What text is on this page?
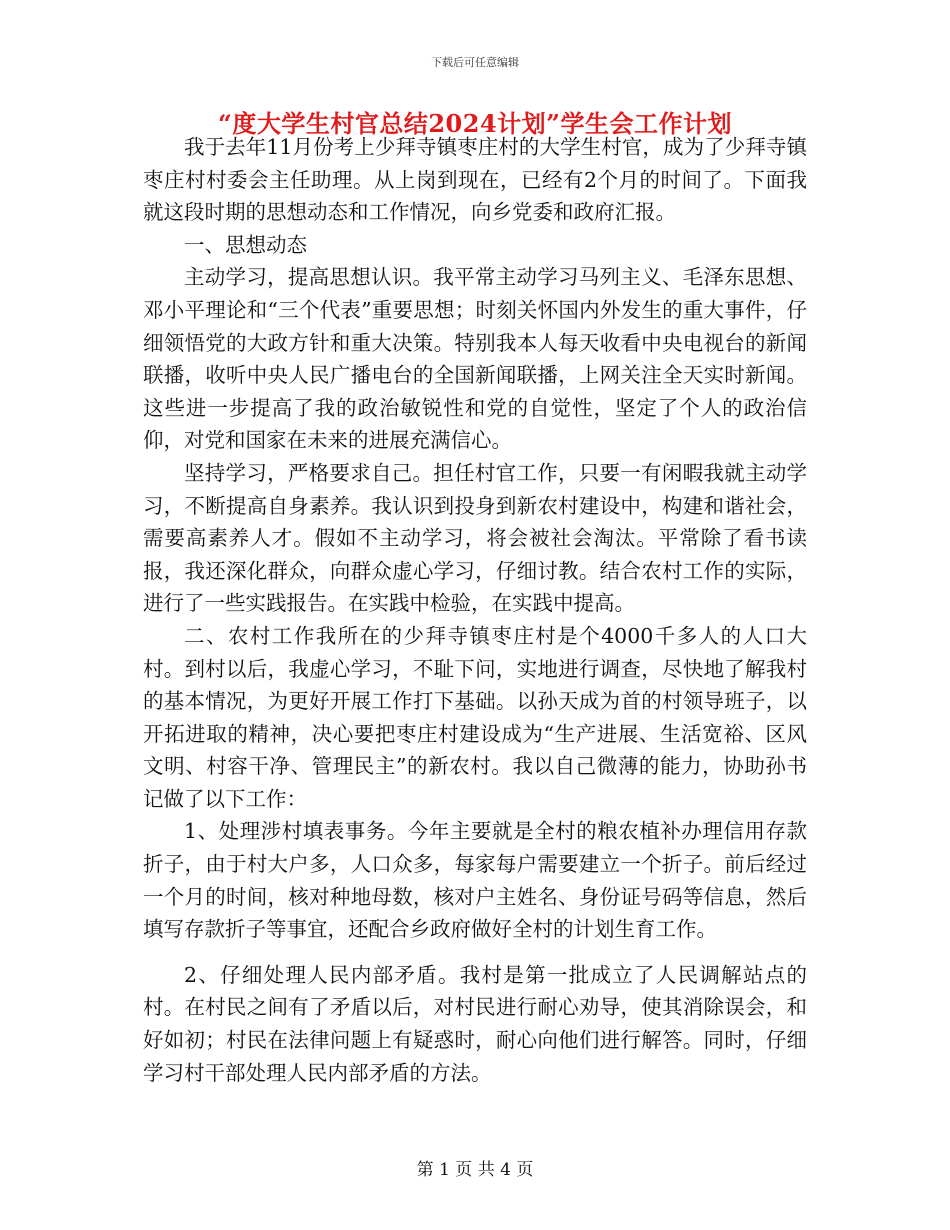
下载后可任意编辑
“度大学生村官总结2024计划”学生会工作计划

我于去年11月份考上少拜寺镇枣庄村的大学生村官，成为了少拜寺镇枣庄村村委会主任助理。从上岗到现在，已经有2个月的时间了。下面我就这段时期的思想动态和工作情况，向乡党委和政府汇报。

一、思想动态

主动学习，提高思想认识。我平常主动学习马列主义、毛泽东思想、邓小平理论和“三个代表”重要思想；时刻关怀国内外发生的重大事件，仔细领悟党的大政方针和重大决策。特别我本人每天收看中央电视台的新闻联播，收听中央人民广播电台的全国新闻联播，上网关注全天实时新闻。这些进一步提高了我的政治敏锐性和党的自觉性，坚定了个人的政治信仰，对党和国家在未来的进展充满信心。

坚持学习，严格要求自己。担任村官工作，只要一有闲暇我就主动学习，不断提高自身素养。我认识到投身到新农村建设中，构建和谐社会，需要高素养人才。假如不主动学习，将会被社会淘汰。平常除了看书读报，我还深化群众，向群众虚心学习，仔细讨教。结合农村工作的实际，进行了一些实践报告。在实践中检验，在实践中提高。

二、农村工作我所在的少拜寺镇枣庄村是个4000千多人的人口大村。到村以后，我虚心学习，不耻下问，实地进行调查，尽快地了解我村的基本情况，为更好开展工作打下基础。以孙天成为首的村领导班子，以开拓进取的精神，决心要把枣庄村建设成为“生产进展、生活宽裕、区风文明、村容干净、管理民主”的新农村。我以自己微薄的能力，协助孙书记做了以下工作：

1、处理涉村填表事务。今年主要就是全村的粮农植补办理信用存款折子，由于村大户多，人口众多，每家每户需要建立一个折子。前后经过一个月的时间，核对种地母数，核对户主姓名、身份证号码等信息，然后填写存款折子等事宜，还配合乡政府做好全村的计划生育工作。

2、仔细处理人民内部矛盾。我村是第一批成立了人民调解站点的村。在村民之间有了矛盾以后，对村民进行耐心劝导，使其消除误会，和好如初；村民在法律问题上有疑惑时，耐心向他们进行解答。同时，仔细学习村干部处理人民内部矛盾的方法。

第 1 页 共 4 页
